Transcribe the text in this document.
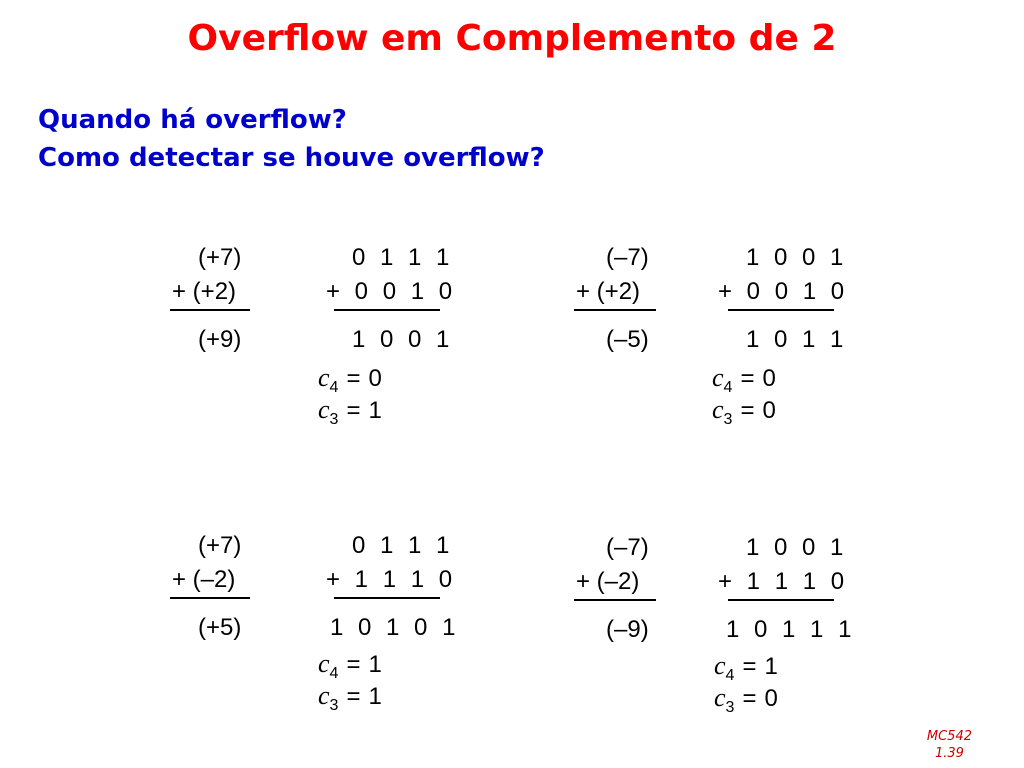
Overflow em Complemento de 2
Quando há overflow?
Como detectar se houve overflow?
(+7)
+ (+2)
(+9)
0 1 1 1
+ 0 0 1 0
1 0 0 1
$c_4 = 0$
$c_3 = 1$
(–7)
+ (+2)
(–5)
1 0 0 1
+ 0 0 1 0
1 0 1 1
$c_4 = 0$
$c_3 = 0$
(+7)
+ (–2)
(+5)
0 1 1 1
+ 1 1 1 0
1 0 1 0 1
$c_4 = 1$
$c_3 = 1$
(–7)
+ (–2)
(–9)
1 0 0 1
+ 1 1 1 0
1 0 1 1 1
$c_4 = 1$
$c_3 = 0$
MC542
1.39
